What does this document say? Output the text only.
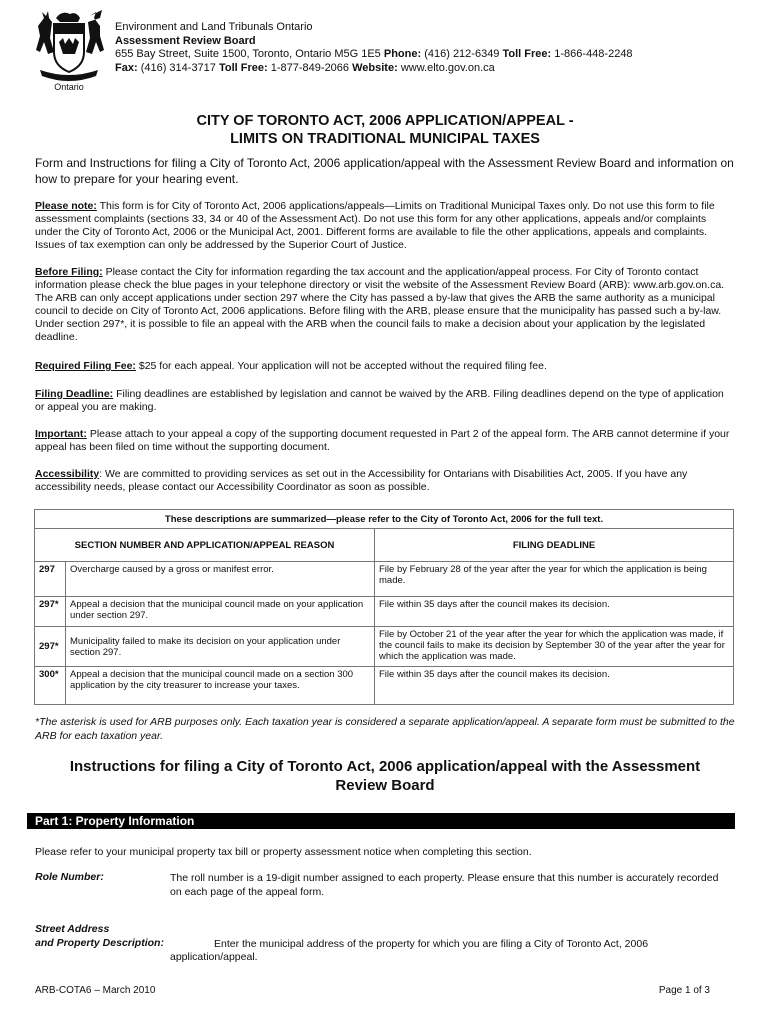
Ontario
Environment and Land Tribunals Ontario
Assessment Review Board
655 Bay Street, Suite 1500, Toronto, Ontario M5G 1E5 Phone: (416) 212-6349 Toll Free: 1-866-448-2248
Fax: (416) 314-3717 Toll Free: 1-877-849-2066 Website: www.elto.gov.on.ca
CITY OF TORONTO ACT, 2006 APPLICATION/APPEAL -
LIMITS ON TRADITIONAL MUNICIPAL TAXES
Form and Instructions for filing a City of Toronto Act, 2006 application/appeal with the Assessment Review Board and information on how to prepare for your hearing event.
Please note: This form is for City of Toronto Act, 2006 applications/appeals—Limits on Traditional Municipal Taxes only. Do not use this form to file assessment complaints (sections 33, 34 or 40 of the Assessment Act). Do not use this form for any other applications, appeals and/or complaints under the City of Toronto Act, 2006 or the Municipal Act, 2001. Different forms are available to file the other applications, appeals and complaints. Issues of tax exemption can only be addressed by the Superior Court of Justice.
Before Filing: Please contact the City for information regarding the tax account and the application/appeal process. For City of Toronto contact information please check the blue pages in your telephone directory or visit the website of the Assessment Review Board (ARB): www.arb.gov.on.ca. The ARB can only accept applications under section 297 where the City has passed a by-law that gives the ARB the same authority as a municipal council to decide on City of Toronto Act, 2006 applications. Before filing with the ARB, please ensure that the municipality has passed such a by-law. Under section 297*, it is possible to file an appeal with the ARB when the council fails to make a decision about your application by the legislated deadline.
Required Filing Fee: $25 for each appeal. Your application will not be accepted without the required filing fee.
Filing Deadline: Filing deadlines are established by legislation and cannot be waived by the ARB. Filing deadlines depend on the type of application or appeal you are making.
Important: Please attach to your appeal a copy of the supporting document requested in Part 2 of the appeal form. The ARB cannot determine if your appeal has been filed on time without the supporting document.
Accessibility: We are committed to providing services as set out in the Accessibility for Ontarians with Disabilities Act, 2005. If you have any accessibility needs, please contact our Accessibility Coordinator as soon as possible.
These descriptions are summarized—please refer to the City of Toronto Act, 2006 for the full text.		
SECTION NUMBER AND APPLICATION/APPEAL REASON		FILING DEADLINE
297	Overcharge caused by a gross or manifest error.	File by February 28 of the year after the year for which the application is being made.
297*	Appeal a decision that the municipal council made on your application under section 297.	File within 35 days after the council makes its decision.
297*	Municipality failed to make its decision on your application under section 297.	File by October 21 of the year after the year for which the application was made, if the council fails to make its decision by September 30 of the year after the year for which the application was made.
300*	Appeal a decision that the municipal council made on a section 300 application by the city treasurer to increase your taxes.	File within 35 days after the council makes its decision.
*The asterisk is used for ARB purposes only. Each taxation year is considered a separate application/appeal. A separate form must be submitted to the ARB for each taxation year.
Instructions for filing a City of Toronto Act, 2006 application/appeal with the Assessment
Review Board
Part 1: Property Information
Please refer to your municipal property tax bill or property assessment notice when completing this section.
Role Number:	The roll number is a 19-digit number assigned to each property. Please ensure that this number is accurately recorded on each page of the appeal form.
Street Address
and Property Description:	Enter the municipal address of the property for which you are filing a City of Toronto Act, 2006
application/appeal.
ARB-COTA6 – March 2010	Page 1 of 3
